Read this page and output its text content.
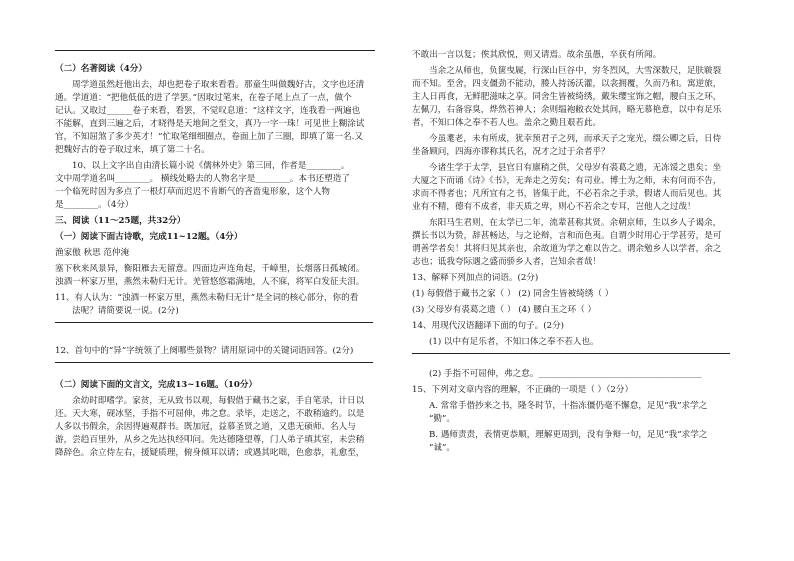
（二）名著阅读（4分）
周学道虽然赶他出去，却也把卷子取来看看。那童生叫做魏好古，文字也还清
通。学道道：“把他低低的进了学罢。”因取过笔来，在卷子尾上点了一点，做个
记认。又取过______卷子来看，看罢，不觉叹息道：“这样文字，连我看一两遍也
不能解，直到三遍之后，才晓得是天地间之至文，真乃一字一珠！可见世上糊涂试
官，不知屈煞了多少英才！”忙取笔细细圈点，卷面上加了三圈，即填了第一名.又
把魏好古的卷子取过来，填了第二十名。
10、以上文字出自由清长篇小说《儒林外史》第三回，作者是________。
文中周学道名叫________。 横线处略去的人物名字是________。本书还塑造了
一个临死时因为多点了一根灯草而迟迟不肯断气的吝啬鬼形象，这个人物
是________。（4分）
三、阅读（11～25题，共32分）
（一）阅读下面古诗歌，完成11~12题。（4分）
渔家傲 秋思 范仲淹
塞下秋来风景异，衡阳雁去无留意。四面边声连角起，千嶂里，长烟落日孤城闭。
浊酒一杯家万里，燕然未勒归无计。羌管悠悠霜满地，人不寐，将军白发征夫泪。
11、有人认为：“浊酒一杯家万里，燕然未勒归无计”是全词的核心部分，你的看
法呢？请简要说一说。(2分)
12、首句中的“异”字统领了上阕哪些景物？请用原词中的关键词语回答。(2分)
（二）阅读下面的文言文，完成13~16题。（10分）
余幼时即嗜学。家贫，无从致书以观，每假借于藏书之家，手自笔录，计日以
还。天大寒，砚冰坚，手指不可屈伸，弗之怠。录毕，走送之，不敢稍逾约。以是
人多以书假余，余因得遍观群书。既加冠，益慕圣贤之道，又患无硕师、名人与
游，尝趋百里外，从乡之先达执经叩问。先达德隆望尊，门人弟子填其室，未尝稍
降辞色。余立侍左右，援疑质理，俯身倾耳以请；或遇其叱咄，色愈恭，礼愈至，
不敢出一言以复；俟其欣悦，则又请焉。故余虽愚，卒获有所闻。
当余之从师也，负箧曳屣，行深山巨谷中，穷冬烈风，大雪深数尺，足肤皲裂
而不知。至舍，四支僵劲不能动，媵人持汤沃灌，以衾拥覆，久而乃和。寓逆旅，
主人日再食，无鲜肥滋味之享。同舍生皆被绮绣，戴朱缨宝饰之帽，腰白玉之环，
左佩刀，右备容臭，烨然若神人；余则缊袍敝衣处其间，略无慕艳意，以中有足乐
者，不知口体之奉不若人也。盖余之勤且艰若此。
今虽耄老，未有所成，犹幸预君子之列，而承天子之宠光，缀公卿之后，日侍
坐备顾问，四海亦谬称其氏名，况才之过于余者乎？
今诸生学于太学，县官日有廪稍之供，父母岁有裘葛之遗，无冻馁之患矣；坐
大厦之下而诵《诗》《书》，无奔走之劳矣；有司业、博士为之师，未有问而不告，
求而不得者也；凡所宜有之书，皆集于此，不必若余之手录，假诸人而后见也。其
业有不精，德有不成者，非天质之卑，则心不若余之专耳，岂他人之过哉！
东阳马生君则，在太学已二年，流辈甚称其贤。余朝京师，生以乡人子谒余，
撰长书以为贽，辞甚畅达，与之论辩，言和而色夷。自谓少时用心于学甚劳，是可
谓善学者矣！其将归见其亲也，余故道为学之难以告之。谓余勉乡人以学者，余之
志也；诋我夸际遇之盛而骄乡人者，岂知余者哉！
13、解释下列加点的词语。(2分)
(1) 每假借于藏书之家（ ） (2) 同舍生皆被绮绣（ ）
(3) 父母岁有裘葛之遗（ ） (4) 腰白玉之环（ ）
14、用现代汉语翻译下面的句子。(2分)
(1) 以中有足乐者，不知口体之奉不若人也。
(2) 手指不可屈伸，弗之怠。______________________________________
15、下列对文章内容的理解，不正确的一项是（ ）（2分）
A. 常常手借抄来之书，隆冬时节，十指冻僵仍毫不懈怠，足见“我”求学之
“勤”。
B. 遇师责责，表情更恭顺，理解更周到，没有争辩一句，足见“我”求学之
“诚”。
